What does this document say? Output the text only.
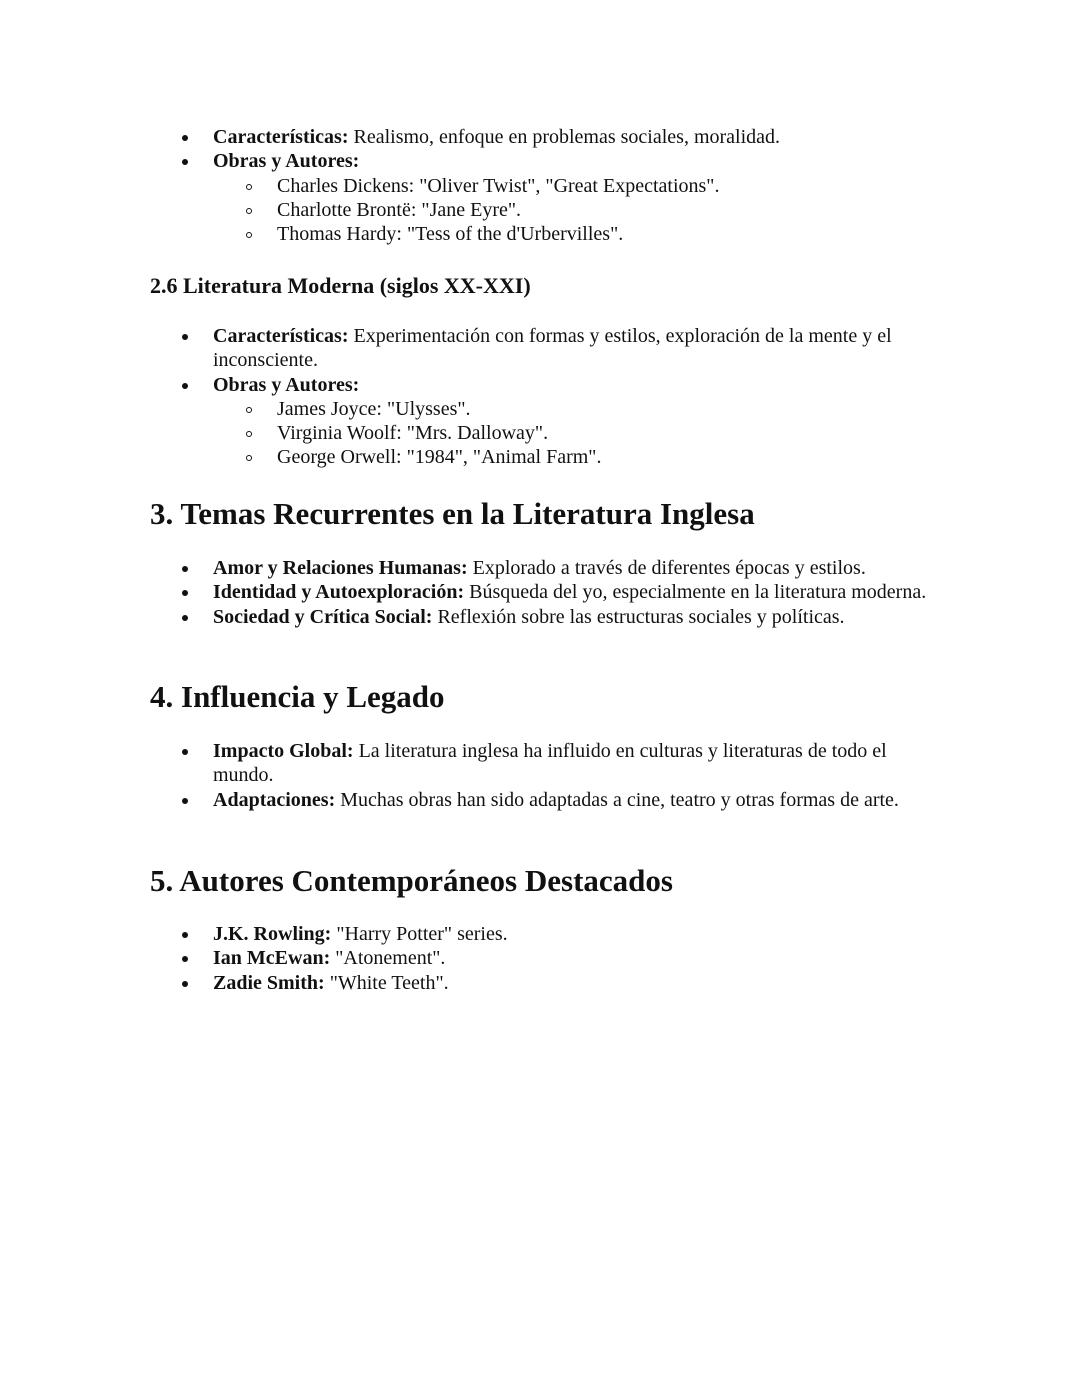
Características: Realismo, enfoque en problemas sociales, moralidad.
Obras y Autores:
Charles Dickens: "Oliver Twist", "Great Expectations".
Charlotte Brontë: "Jane Eyre".
Thomas Hardy: "Tess of the d'Urbervilles".
2.6 Literatura Moderna (siglos XX-XXI)
Características: Experimentación con formas y estilos, exploración de la mente y el inconsciente.
Obras y Autores:
James Joyce: "Ulysses".
Virginia Woolf: "Mrs. Dalloway".
George Orwell: "1984", "Animal Farm".
3. Temas Recurrentes en la Literatura Inglesa
Amor y Relaciones Humanas: Explorado a través de diferentes épocas y estilos.
Identidad y Autoexploración: Búsqueda del yo, especialmente en la literatura moderna.
Sociedad y Crítica Social: Reflexión sobre las estructuras sociales y políticas.
4. Influencia y Legado
Impacto Global: La literatura inglesa ha influido en culturas y literaturas de todo el mundo.
Adaptaciones: Muchas obras han sido adaptadas a cine, teatro y otras formas de arte.
5. Autores Contemporáneos Destacados
J.K. Rowling: "Harry Potter" series.
Ian McEwan: "Atonement".
Zadie Smith: "White Teeth".
